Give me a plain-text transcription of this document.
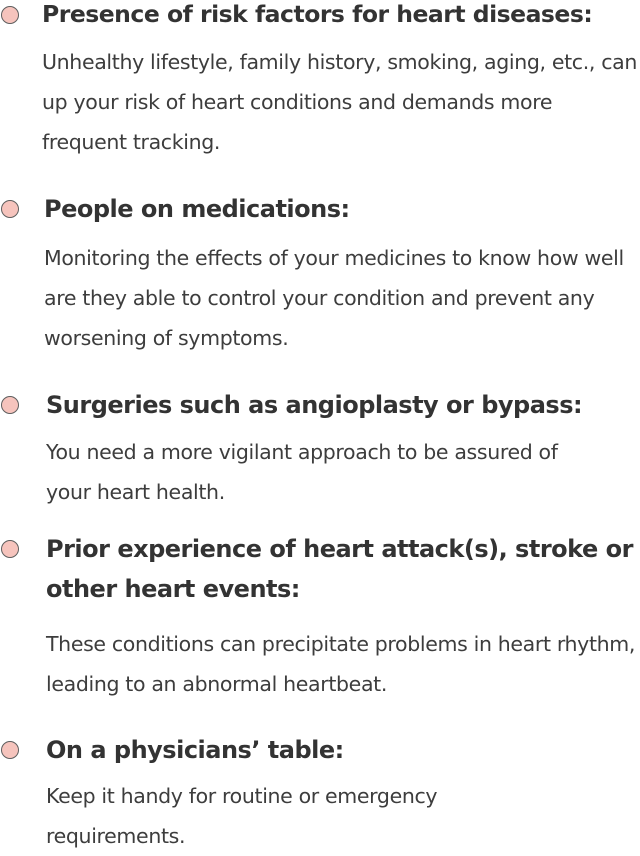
Presence of risk factors for heart diseases:
Unhealthy lifestyle, family history, smoking, aging, etc., can up your risk of heart conditions and demands more frequent tracking.
People on medications:
Monitoring the effects of your medicines to know how well are they able to control your condition and prevent any worsening of symptoms.
Surgeries such as angioplasty or bypass:
You need a more vigilant approach to be assured of your heart health.
Prior experience of heart attack(s), stroke or other heart events:
These conditions can precipitate problems in heart rhythm, leading to an abnormal heartbeat.
On a physicians’ table:
Keep it handy for routine or emergency requirements.
